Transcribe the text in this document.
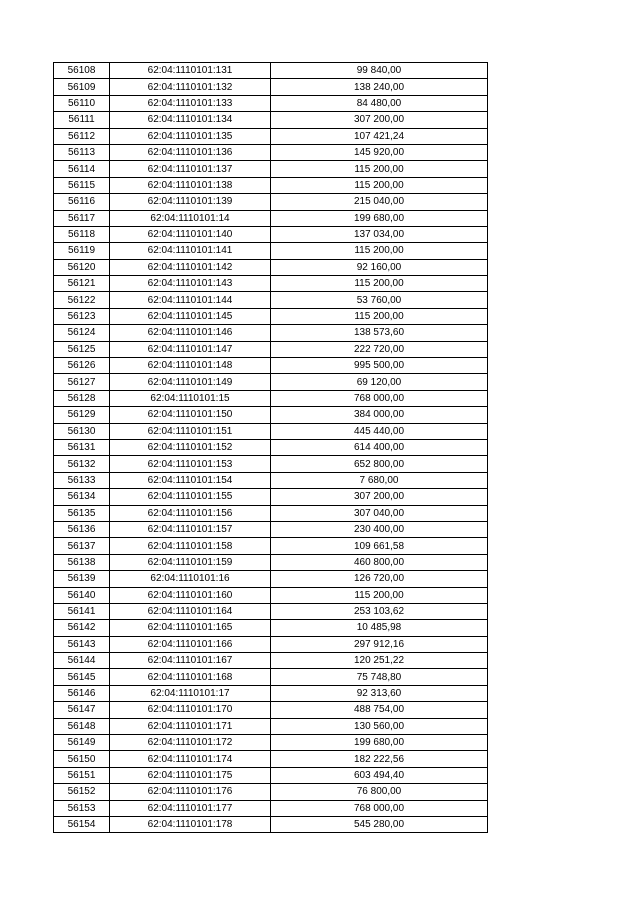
56108	62:04:1110101:131	99 840,00
56109	62:04:1110101:132	138 240,00
56110	62:04:1110101:133	84 480,00
56111	62:04:1110101:134	307 200,00
56112	62:04:1110101:135	107 421,24
56113	62:04:1110101:136	145 920,00
56114	62:04:1110101:137	115 200,00
56115	62:04:1110101:138	115 200,00
56116	62:04:1110101:139	215 040,00
56117	62:04:1110101:14	199 680,00
56118	62:04:1110101:140	137 034,00
56119	62:04:1110101:141	115 200,00
56120	62:04:1110101:142	92 160,00
56121	62:04:1110101:143	115 200,00
56122	62:04:1110101:144	53 760,00
56123	62:04:1110101:145	115 200,00
56124	62:04:1110101:146	138 573,60
56125	62:04:1110101:147	222 720,00
56126	62:04:1110101:148	995 500,00
56127	62:04:1110101:149	69 120,00
56128	62:04:1110101:15	768 000,00
56129	62:04:1110101:150	384 000,00
56130	62:04:1110101:151	445 440,00
56131	62:04:1110101:152	614 400,00
56132	62:04:1110101:153	652 800,00
56133	62:04:1110101:154	7 680,00
56134	62:04:1110101:155	307 200,00
56135	62:04:1110101:156	307 040,00
56136	62:04:1110101:157	230 400,00
56137	62:04:1110101:158	109 661,58
56138	62:04:1110101:159	460 800,00
56139	62:04:1110101:16	126 720,00
56140	62:04:1110101:160	115 200,00
56141	62:04:1110101:164	253 103,62
56142	62:04:1110101:165	10 485,98
56143	62:04:1110101:166	297 912,16
56144	62:04:1110101:167	120 251,22
56145	62:04:1110101:168	75 748,80
56146	62:04:1110101:17	92 313,60
56147	62:04:1110101:170	488 754,00
56148	62:04:1110101:171	130 560,00
56149	62:04:1110101:172	199 680,00
56150	62:04:1110101:174	182 222,56
56151	62:04:1110101:175	603 494,40
56152	62:04:1110101:176	76 800,00
56153	62:04:1110101:177	768 000,00
56154	62:04:1110101:178	545 280,00
